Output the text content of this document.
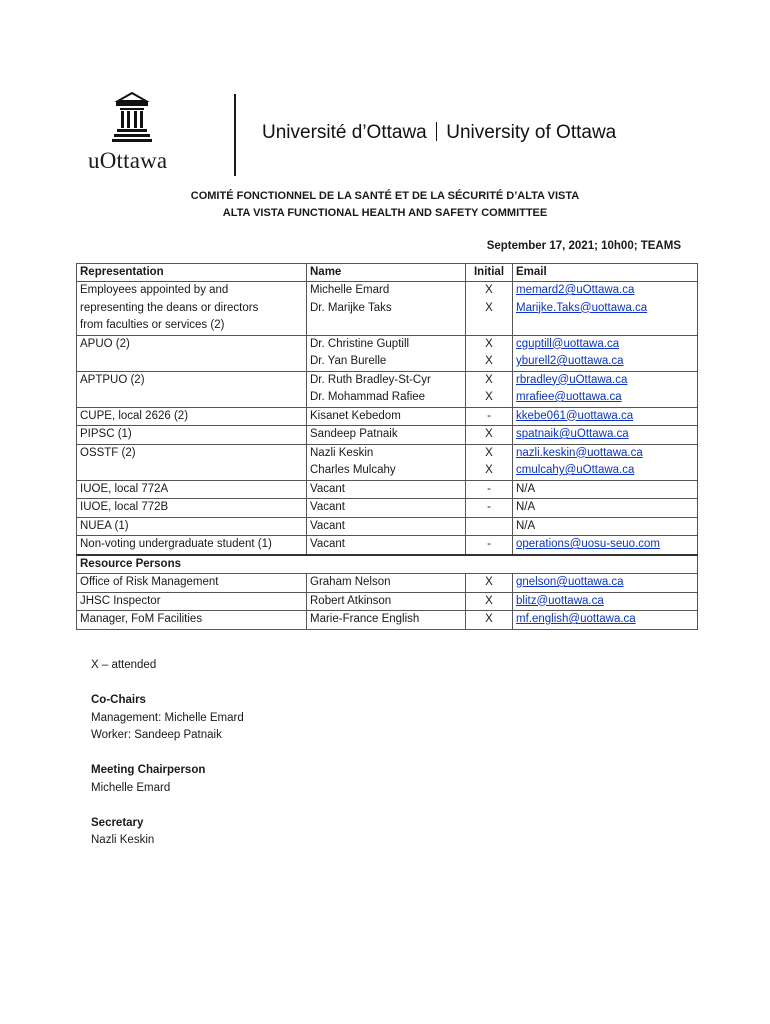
uOttawa
Université d’Ottawa University of Ottawa
COMITÉ FONCTIONNEL DE LA SANTÉ ET DE LA SÉCURITÉ D’ALTA VISTA
ALTA VISTA FUNCTIONAL HEALTH AND SAFETY COMMITTEE
September 17, 2021; 10h00; TEAMS
Representation	Name	Initial	Email
Employees appointed by and	Michelle Emard	X	memard2@uOttawa.ca
representing the deans or directors	Dr. Marijke Taks	X	Marijke.Taks@uottawa.ca
from faculties or services (2)			
APUO (2)	Dr. Christine Guptill	X	cguptill@uottawa.ca
	Dr. Yan Burelle	X	yburell2@uottawa.ca
APTPUO (2)	Dr. Ruth Bradley-St-Cyr	X	rbradley@uOttawa.ca
	Dr. Mohammad Rafiee	X	mrafiee@uottawa.ca
CUPE, local 2626 (2)	Kisanet Kebedom	-	kkebe061@uottawa.ca

PIPSC (1)	Sandeep Patnaik	X	spatnaik@uOttawa.ca
OSSTF (2)	Nazli Keskin	X	nazli.keskin@uottawa.ca
	Charles Mulcahy	X	cmulcahy@uOttawa.ca
IUOE, local 772A	Vacant	-	N/A
IUOE, local 772B	Vacant	-	N/A
NUEA (1)	Vacant		N/A
Non-voting undergraduate student (1)	Vacant	-	operations@uosu-seuo.com
Resource Persons			
Office of Risk Management	Graham Nelson	X	gnelson@uottawa.ca
JHSC Inspector	Robert Atkinson	X	blitz@uottawa.ca
Manager, FoM Facilities	Marie-France English	X	mf.english@uottawa.ca
X – attended
Co-Chairs
Management: Michelle Emard
Worker: Sandeep Patnaik
Meeting Chairperson
Michelle Emard
Secretary
Nazli Keskin
